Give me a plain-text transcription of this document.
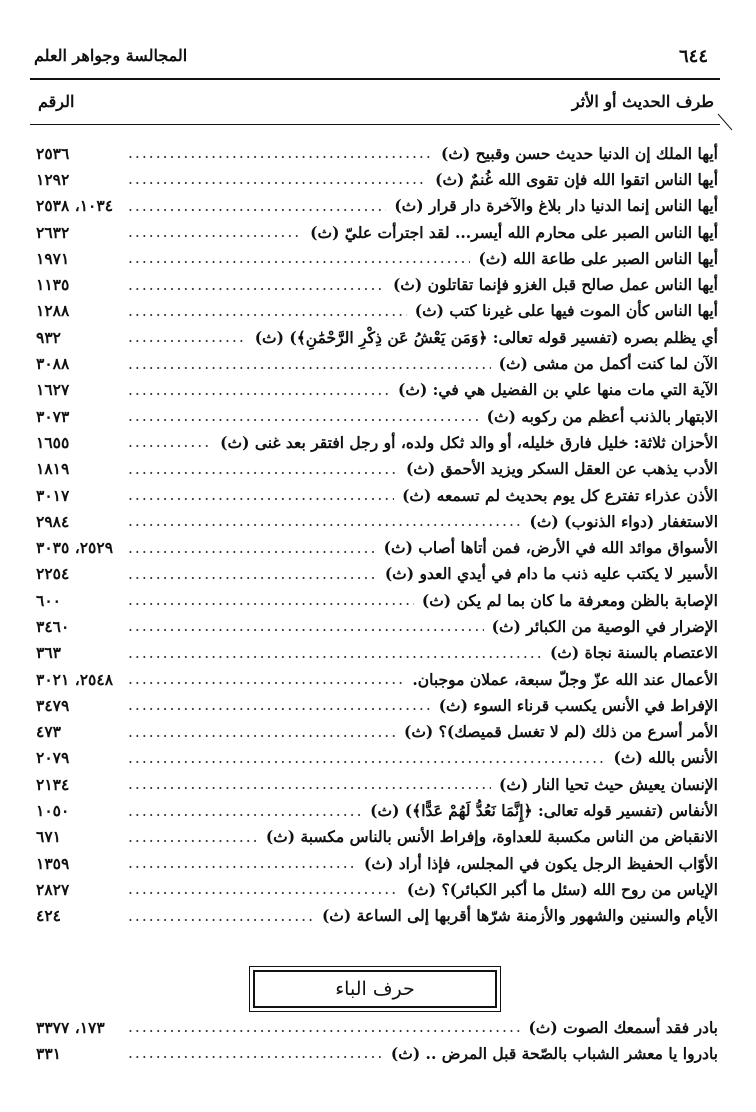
٦٤٤
المجالسة وجواهر العلم
طرف الحديث أو الأثر
الرقم
أيها الملك إن الدنيا حديث حسن وقبيح (ث)
.....
٢٥٣٦
أيها الناس اتقوا الله فإن تقوى الله غُنمٌ (ث)
.....
١٢٩٢
أيها الناس إنما الدنيا دار بلاغ والآخرة دار قرار (ث)
.....
١٠٣٤، ٢٥٣٨
أيها الناس الصبر على محارم الله أيسر... لقد اجترأت عليّ (ث)
.....
٢٦٣٢
أيها الناس الصبر على طاعة الله (ث)
.....
١٩٧١
أيها الناس عمل صالح قبل الغزو فإنما تقاتلون (ث)
.....
١١٣٥
أيها الناس كأن الموت فيها على غيرنا كتب (ث)
.....
١٢٨٨
أي يظلم بصره (تفسير قوله تعالى: ﴿وَمَن يَعْشُ عَن ذِكْرِ الرَّحْمَٰنِ﴾) (ث)
.....
٩٣٢
الآن لما كنت أكمل من مشى (ث)
.....
٣٠٨٨
الآية التي مات منها علي بن الفضيل هي في: (ث)
.....
١٦٢٧
الابتهار بالذنب أعظم من ركوبه (ث)
.....
٣٠٧٣
الأحزان ثلاثة: خليل فارق خليله، أو والد ثكل ولده، أو رجل افتقر بعد غنى (ث)
.....
١٦٥٥
الأدب يذهب عن العقل السكر ويزيد الأحمق (ث)
.....
١٨١٩
الأذن عذراء تفترع كل يوم بحديث لم تسمعه (ث)
.....
٣٠١٧
الاستغفار (دواء الذنوب) (ث)
.....
٢٩٨٤
الأسواق موائد الله في الأرض، فمن أتاها أصاب (ث)
.....
٢٥٢٩، ٣٠٣٥
الأسير لا يكتب عليه ذنب ما دام في أيدي العدو (ث)
.....
٢٢٥٤
الإصابة بالظن ومعرفة ما كان بما لم يكن (ث)
.....
٦٠٠
الإضرار في الوصية من الكبائر (ث)
.....
٣٤٦٠
الاعتصام بالسنة نجاة (ث)
.....
٣٦٣
الأعمال عند الله عزّ وجلّ سبعة، عملان موجبان.
.....
٢٥٤٨، ٣٠٢١
الإفراط في الأنس يكسب قرناء السوء (ث)
.....
٣٤٧٩
الأمر أسرع من ذلك (لم لا تغسل قميصك)؟ (ث)
.....
٤٧٣
الأنس بالله (ث)
.....
٢٠٧٩
الإنسان يعيش حيث تحيا النار (ث)
.....
٢١٣٤
الأنفاس (تفسير قوله تعالى: ﴿إِنَّمَا نَعُدُّ لَهُمْ عَدًّا﴾) (ث)
.....
١٠٥٠
الانقباض من الناس مكسبة للعداوة، وإفراط الأنس بالناس مكسبة (ث)
.....
٦٧١
الأوّاب الحفيظ الرجل يكون في المجلس، فإذا أراد (ث)
.....
١٣٥٩
الإياس من روح الله (سئل ما أكبر الكبائر)؟ (ث)
.....
٢٨٢٧
الأيام والسنين والشهور والأزمنة شرّها أقربها إلى الساعة (ث)
.....
٤٢٤
حرف الباء
بادر فقد أسمعك الصوت (ث)
.....
١٧٣، ٣٣٧٧
بادروا يا معشر الشباب بالصّحة قبل المرض .. (ث)
.....
٣٣١
